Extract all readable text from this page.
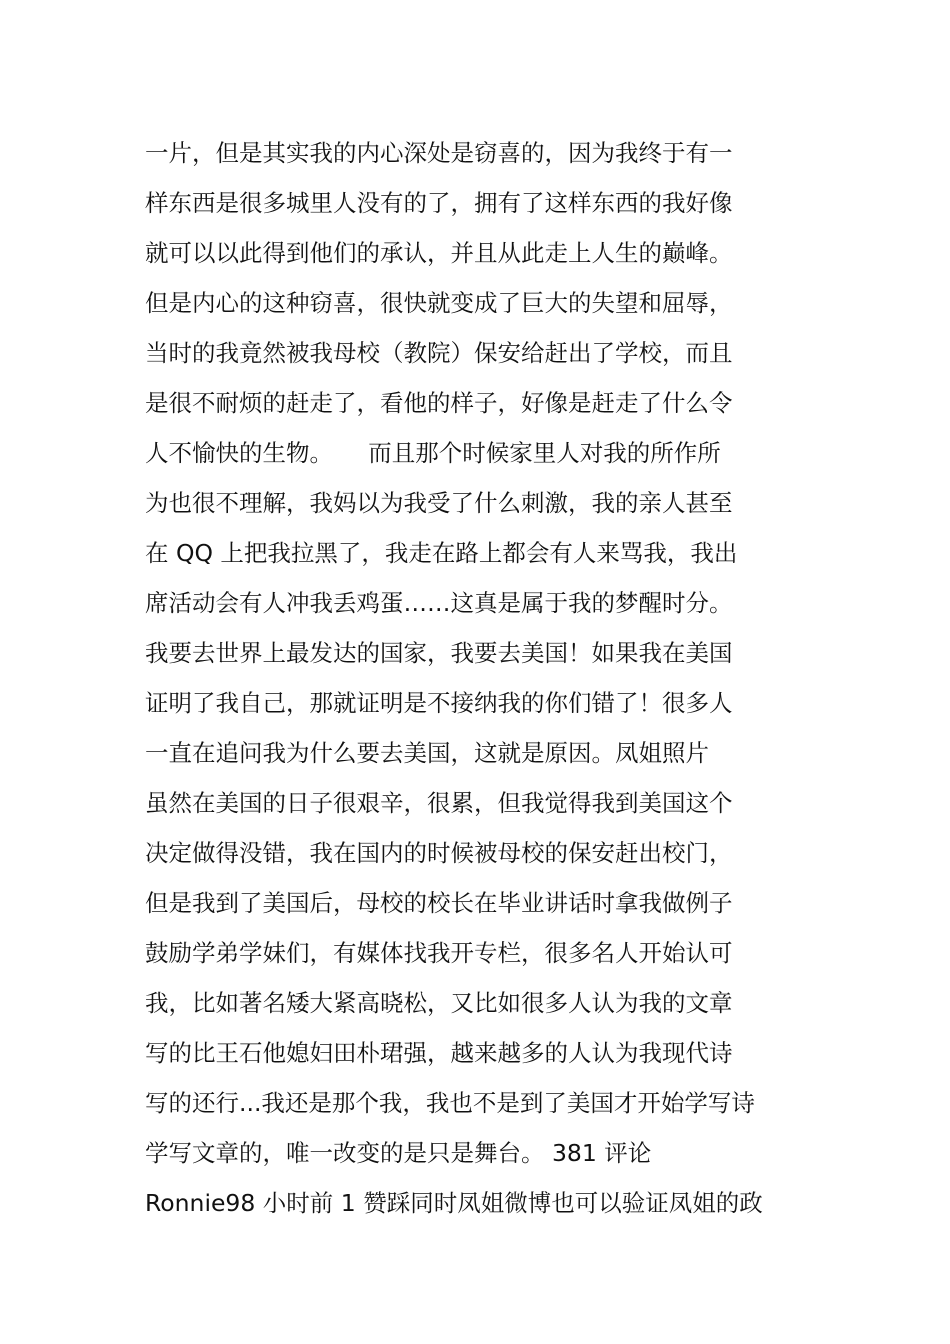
一片，但是其实我的内心深处是窃喜的，因为我终于有一
样东西是很多城里人没有的了，拥有了这样东西的我好像
就可以以此得到他们的承认，并且从此走上人生的巅峰。
但是内心的这种窃喜，很快就变成了巨大的失望和屈辱，
当时的我竟然被我母校（教院）保安给赶出了学校，而且
是很不耐烦的赶走了，看他的样子，好像是赶走了什么令
人不愉快的生物。　　而且那个时候家里人对我的所作所
为也很不理解，我妈以为我受了什么刺激，我的亲人甚至
在 QQ 上把我拉黑了，我走在路上都会有人来骂我，我出
席活动会有人冲我丢鸡蛋……这真是属于我的梦醒时分。
我要去世界上最发达的国家，我要去美国！如果我在美国
证明了我自己，那就证明是不接纳我的你们错了！很多人
一直在追问我为什么要去美国，这就是原因。凤姐照片
虽然在美国的日子很艰辛，很累，但我觉得我到美国这个
决定做得没错，我在国内的时候被母校的保安赶出校门，
但是我到了美国后，母校的校长在毕业讲话时拿我做例子
鼓励学弟学妹们，有媒体找我开专栏，很多名人开始认可
我，比如著名矮大紧高晓松，又比如很多人认为我的文章
写的比王石他媳妇田朴珺强，越来越多的人认为我现代诗
写的还行...我还是那个我，我也不是到了美国才开始学写诗
学写文章的，唯一改变的是只是舞台。 381 评论
Ronnie98 小时前 1 赞踩同时凤姐微博也可以验证凤姐的政
